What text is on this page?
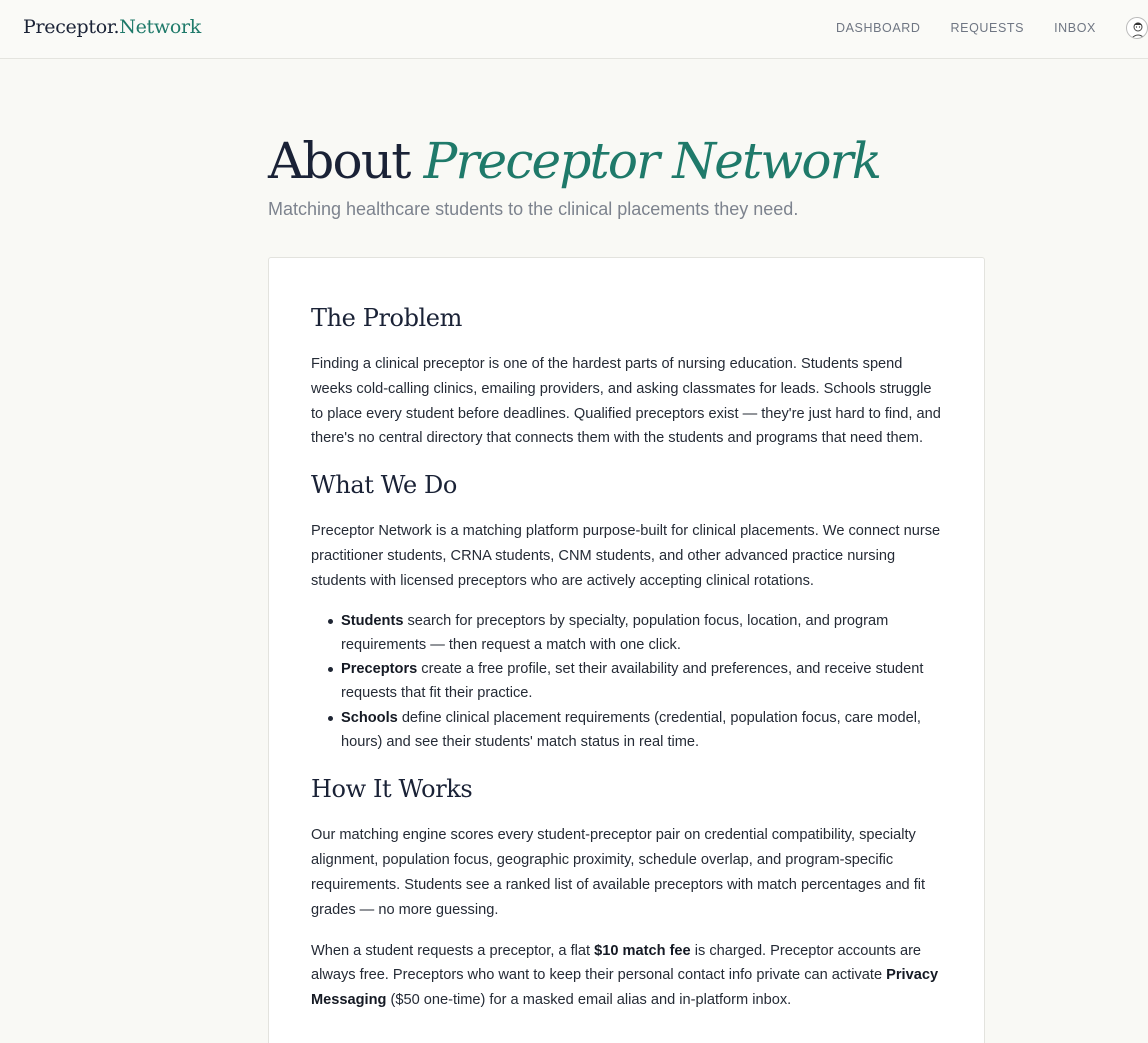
Preceptor.Network	DASHBOARD REQUESTS INBOX
About Preceptor Network
Matching healthcare students to the clinical placements they need.
The Problem

Finding a clinical preceptor is one of the hardest parts of nursing education. Students spend weeks cold-calling clinics, emailing providers, and asking classmates for leads. Schools struggle to place every student before deadlines. Qualified preceptors exist — they're just hard to find, and there's no central directory that connects them with the students and programs that need them.

What We Do

Preceptor Network is a matching platform purpose-built for clinical placements. We connect nurse practitioner students, CRNA students, CNM students, and other advanced practice nursing students with licensed preceptors who are actively accepting clinical rotations.

Students search for preceptors by specialty, population focus, location, and program requirements — then request a match with one click.
Preceptors create a free profile, set their availability and preferences, and receive student requests that fit their practice.
Schools define clinical placement requirements (credential, population focus, care model, hours) and see their students' match status in real time.
How It Works

Our matching engine scores every student-preceptor pair on credential compatibility, specialty alignment, population focus, geographic proximity, schedule overlap, and program-specific requirements. Students see a ranked list of available preceptors with match percentages and fit grades — no more guessing.

When a student requests a preceptor, a flat $10 match fee is charged. Preceptor accounts are always free. Preceptors who want to keep their personal contact info private can activate Privacy Messaging ($50 one-time) for a masked email alias and in-platform inbox.
